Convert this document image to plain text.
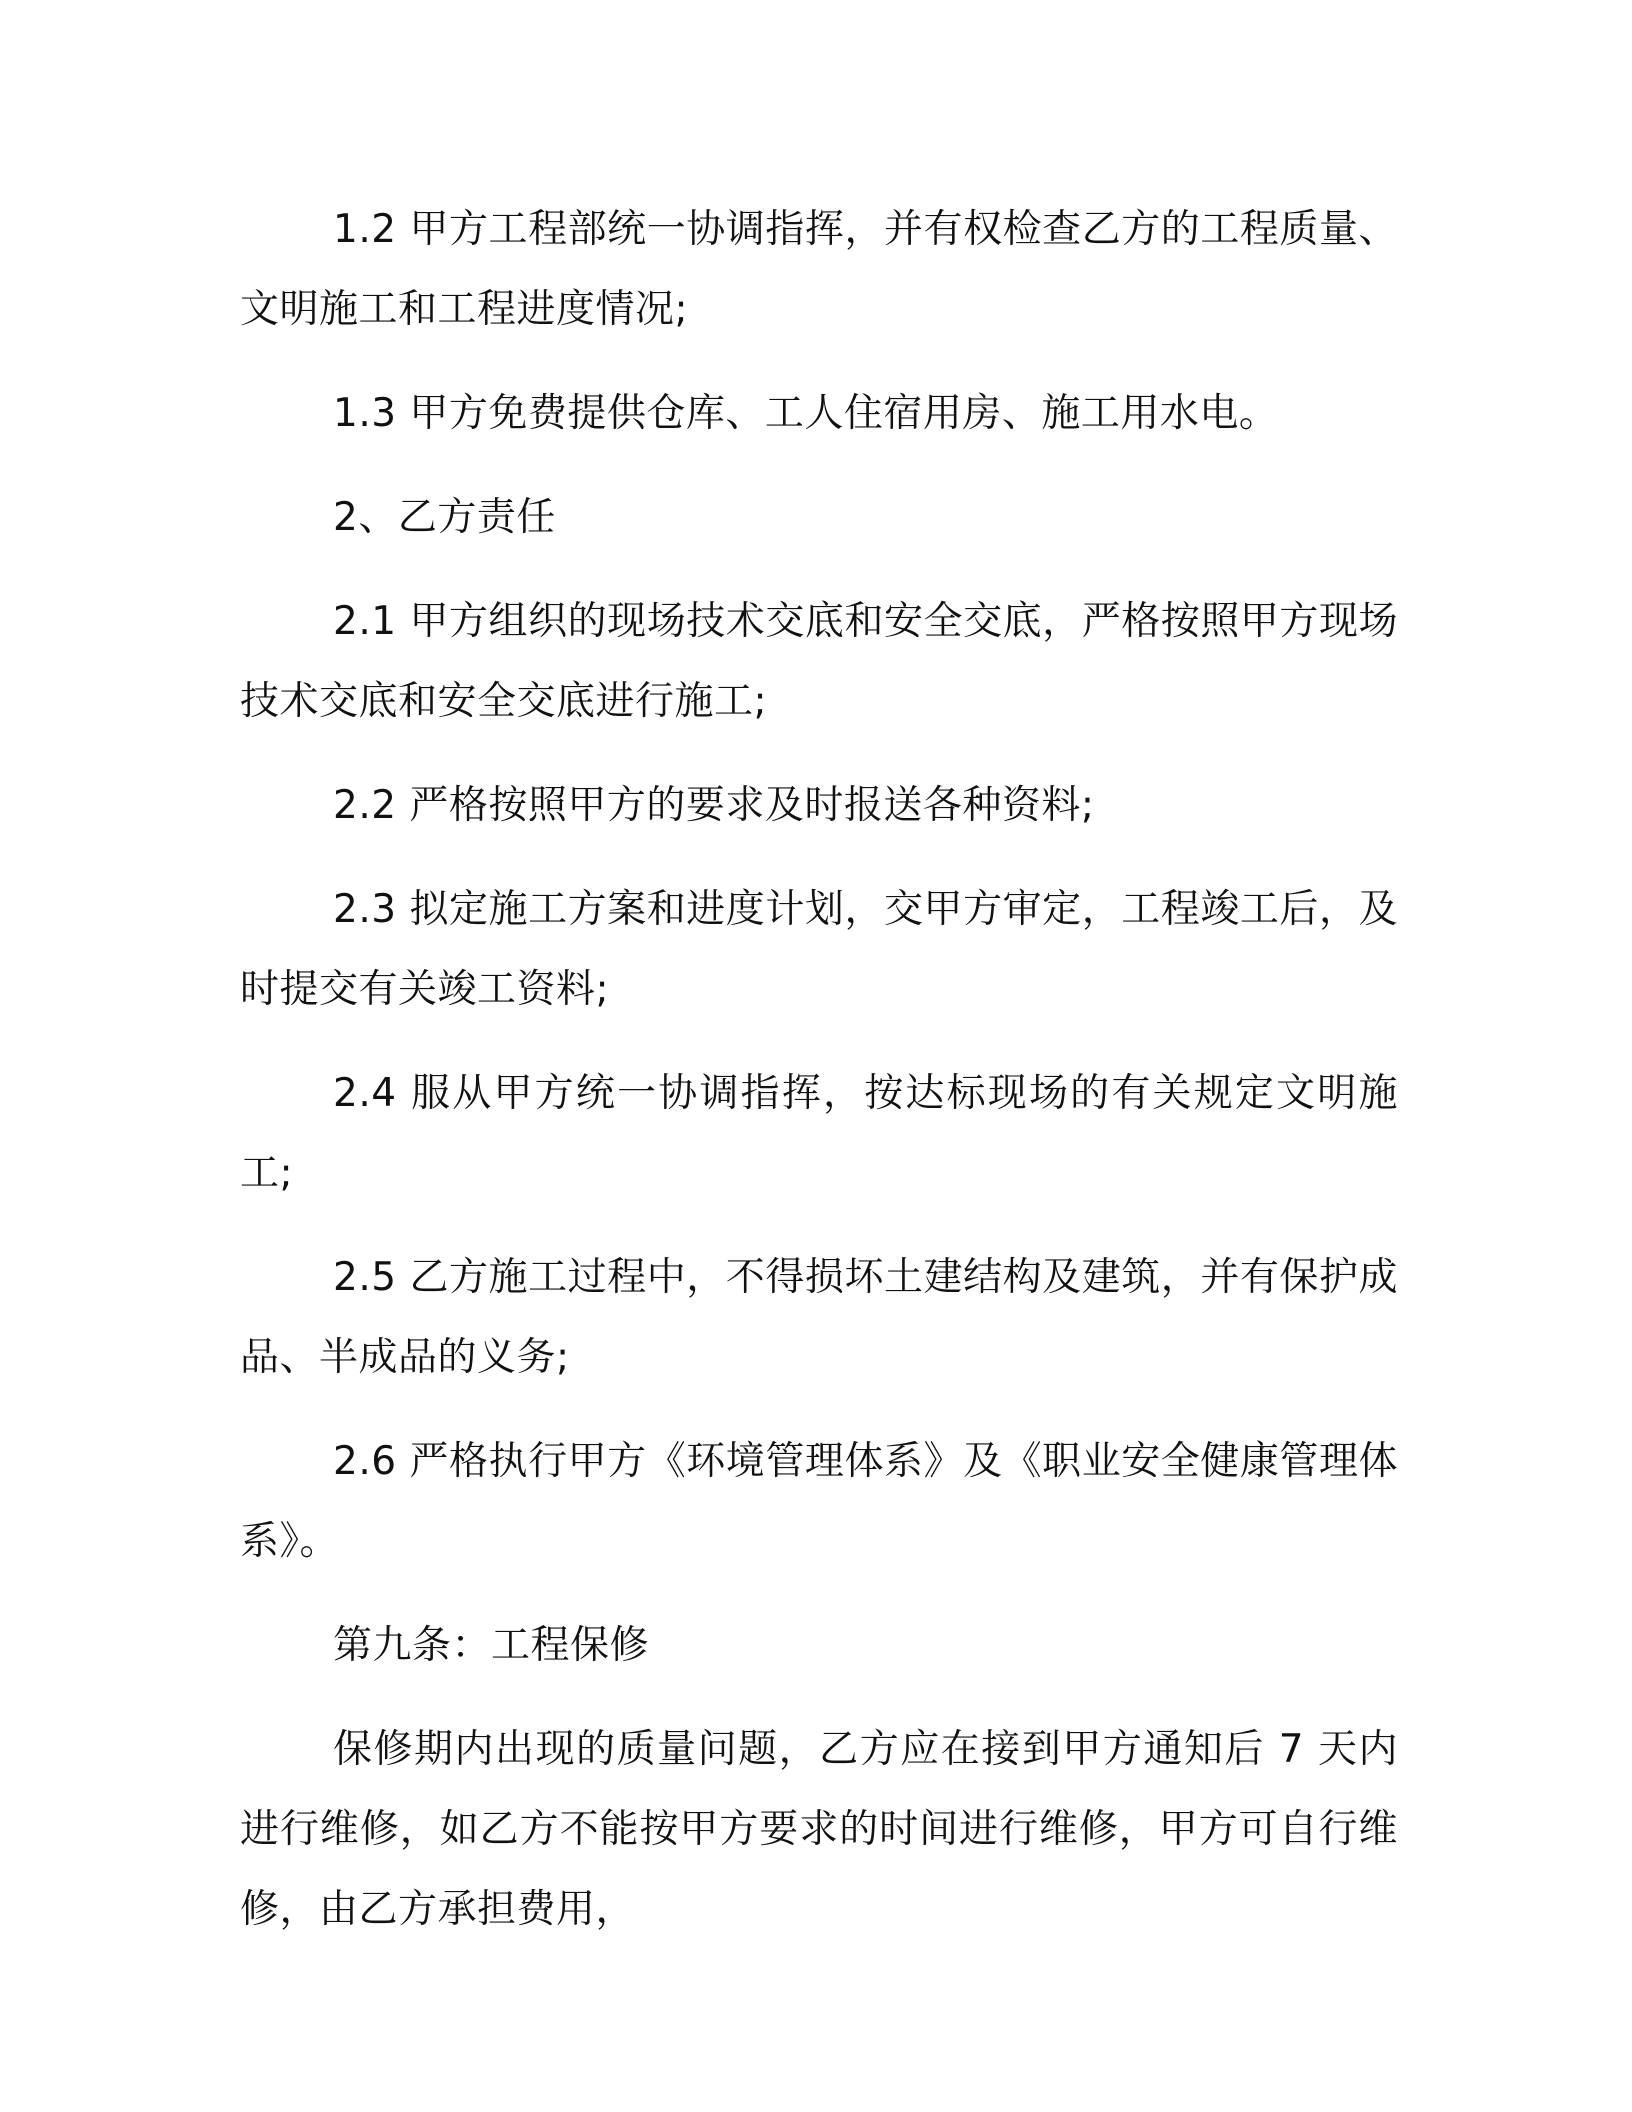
1.2 甲方工程部统一协调指挥，并有权检查乙方的工程质量、文明施工和工程进度情况;

1.3 甲方免费提供仓库、工人住宿用房、施工用水电。

2、乙方责任

2.1 甲方组织的现场技术交底和安全交底，严格按照甲方现场技术交底和安全交底进行施工;

2.2 严格按照甲方的要求及时报送各种资料;

2.3 拟定施工方案和进度计划，交甲方审定，工程竣工后，及时提交有关竣工资料;

2.4 服从甲方统一协调指挥，按达标现场的有关规定文明施工;

2.5 乙方施工过程中，不得损坏土建结构及建筑，并有保护成品、半成品的义务;

2.6 严格执行甲方《环境管理体系》及《职业安全健康管理体系》。

第九条：工程保修

保修期内出现的质量问题，乙方应在接到甲方通知后 7 天内进行维修，如乙方不能按甲方要求的时间进行维修，甲方可自行维修，由乙方承担费用，
